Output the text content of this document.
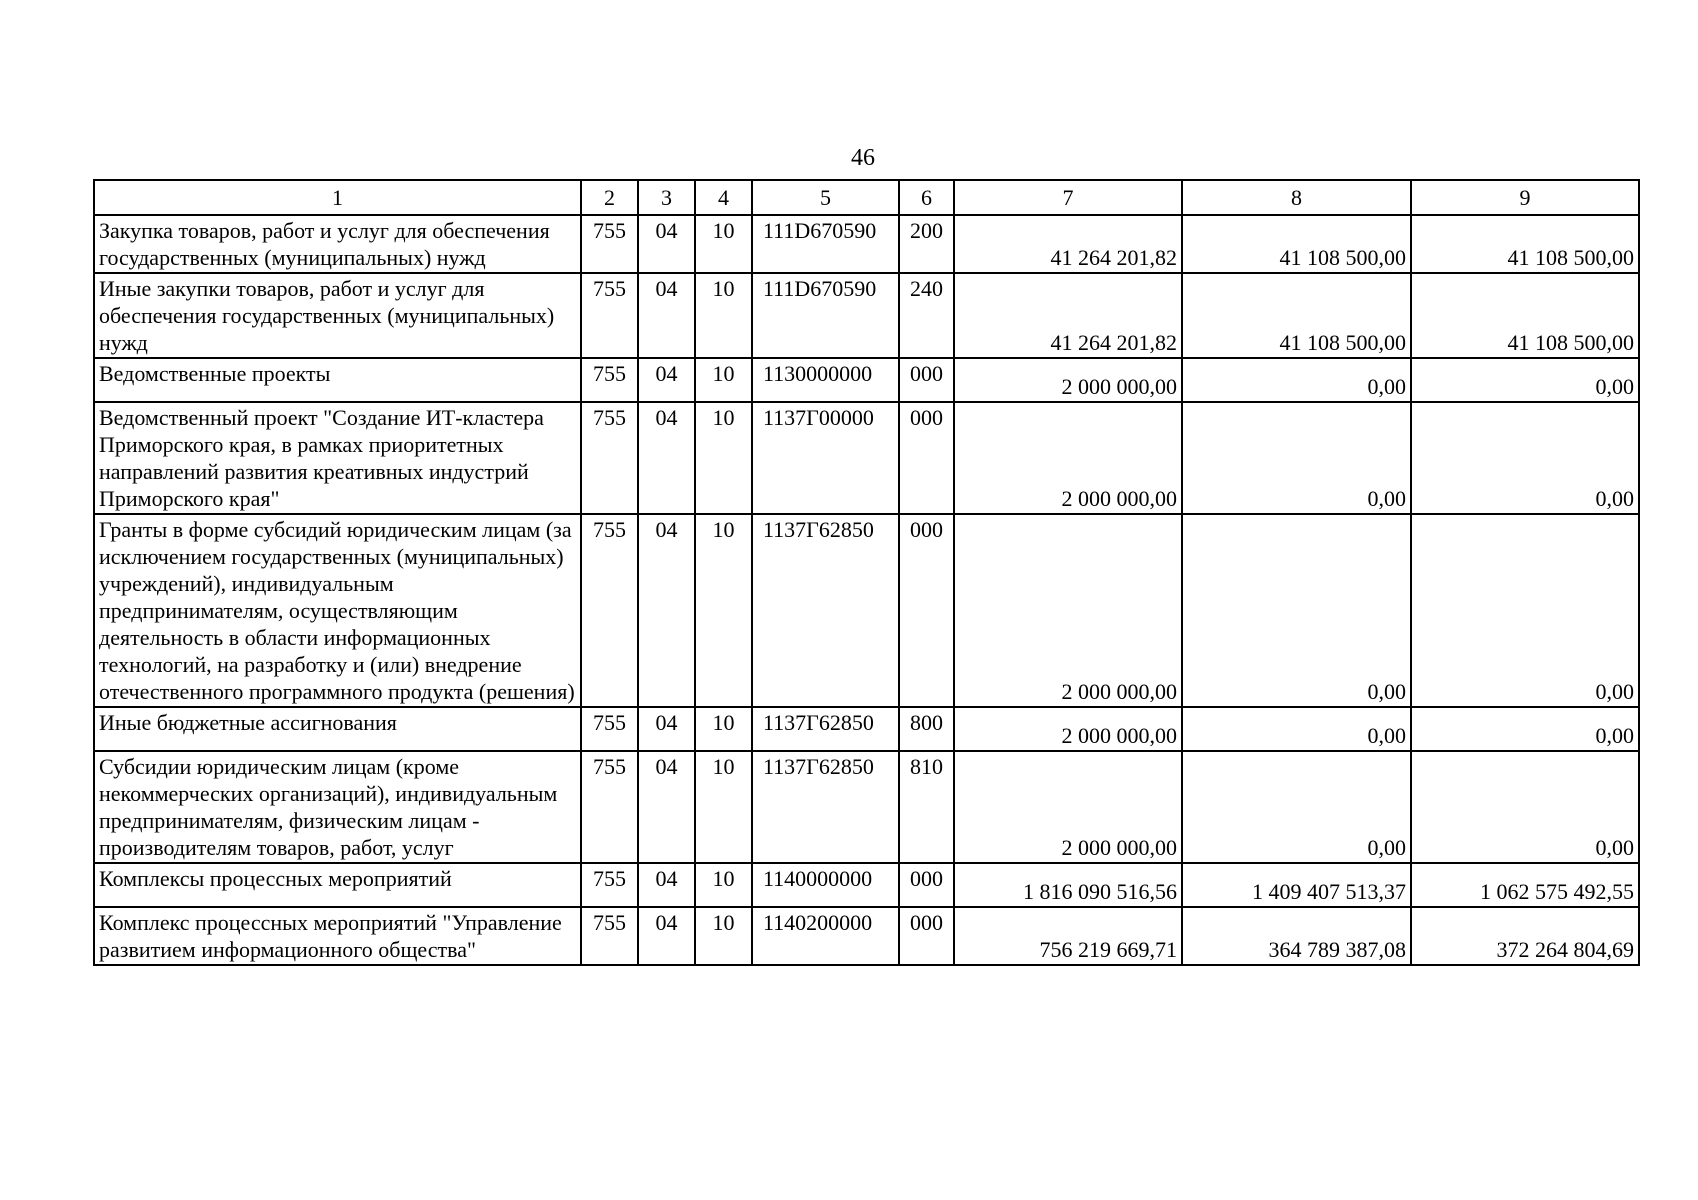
46
1	2	3	4	5	6	7	8	9
Закупка товаров, работ и услуг для обеспечения государственных (муниципальных) нужд	755	04	10	111D670590	200	41 264 201,82	41 108 500,00	41 108 500,00
Иные закупки товаров, работ и услуг для обеспечения государственных (муниципальных) нужд	755	04	10	111D670590	240	41 264 201,82	41 108 500,00	41 108 500,00
Ведомственные проекты	755	04	10	1130000000	000	2 000 000,00	0,00	0,00
Ведомственный проект "Создание ИТ-кластера Приморского края, в рамках приоритетных направлений развития креативных индустрий Приморского края"	755	04	10	1137Г00000	000	2 000 000,00	0,00	0,00
Гранты в форме субсидий юридическим лицам (за исключением государственных (муниципальных) учреждений), индивидуальным предпринимателям, осуществляющим деятельность в области информационных технологий, на разработку и (или) внедрение отечественного программного продукта (решения)	755	04	10	1137Г62850	000	2 000 000,00	0,00	0,00
Иные бюджетные ассигнования	755	04	10	1137Г62850	800	2 000 000,00	0,00	0,00
Субсидии юридическим лицам (кроме некоммерческих организаций), индивидуальным предпринимателям, физическим лицам - производителям товаров, работ, услуг	755	04	10	1137Г62850	810	2 000 000,00	0,00	0,00
Комплексы процессных мероприятий	755	04	10	1140000000	000	1 816 090 516,56	1 409 407 513,37	1 062 575 492,55
Комплекс процессных мероприятий "Управление развитием информационного общества"	755	04	10	1140200000	000	756 219 669,71	364 789 387,08	372 264 804,69
